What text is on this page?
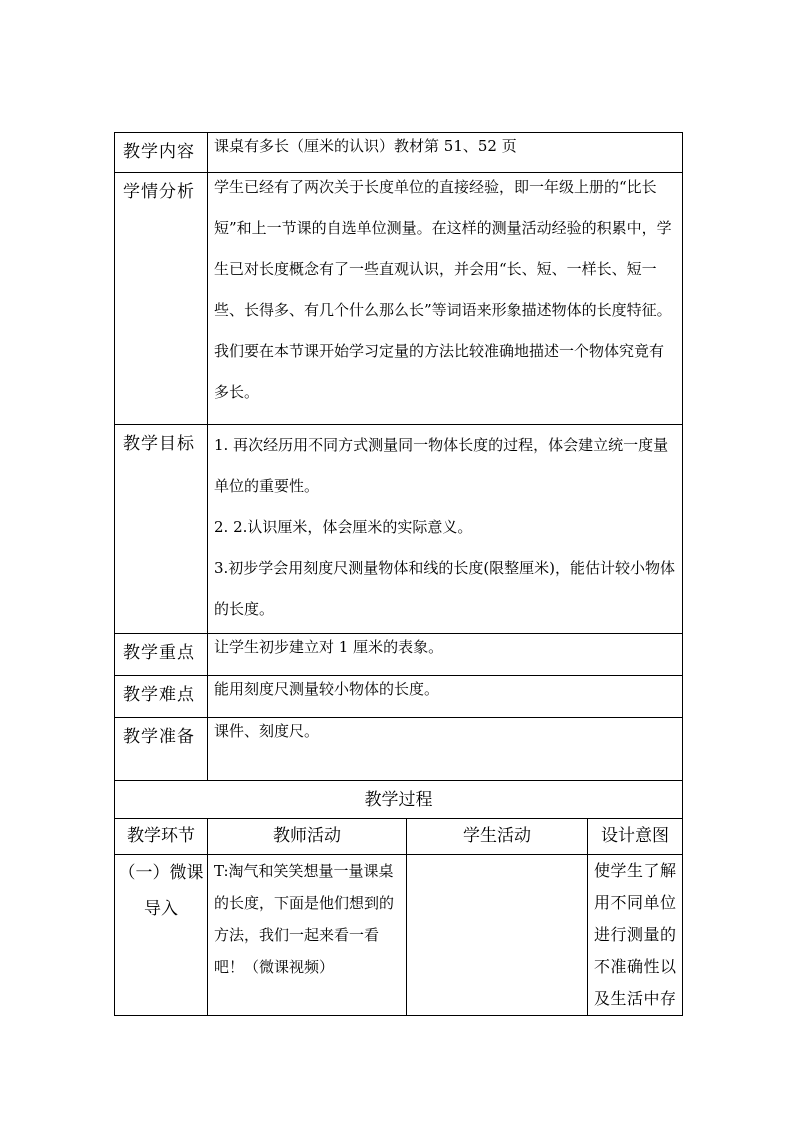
教学内容	课桌有多长（厘米的认识）教材第 51、52 页		
学情分析	学生已经有了两次关于长度单位的直接经验，即一年级上册的“比长短”和上一节课的自选单位测量。在这样的测量活动经验的积累中，学生已对长度概念有了一些直观认识，并会用“长、短、一样长、短一些、长得多、有几个什么那么长”等词语来形象描述物体的长度特征。我们要在本节课开始学习定量的方法比较准确地描述一个物体究竟有多长。		

教学目标	1. 再次经历用不同方式测量同一物体长度的过程，体会建立统一度量单位的重要性。

2. 2.认识厘米，体会厘米的实际意义。

3.初步学会用刻度尺测量物体和线的长度(限整厘米)，能估计较小物体的长度。		

教学重点	让学生初步建立对 1 厘米的表象。		
教学难点	能用刻度尺测量较小物体的长度。		
教学准备	课件、刻度尺。		
教学过程			
教学环节	教师活动	学生活动	设计意图
（一）微课导入	T:淘气和笑笑想量一量课桌的长度，下面是他们想到的方法，我们一起来看一看吧！（微课视频）		使学生了解用不同单位进行测量的不准确性以及生活中存
